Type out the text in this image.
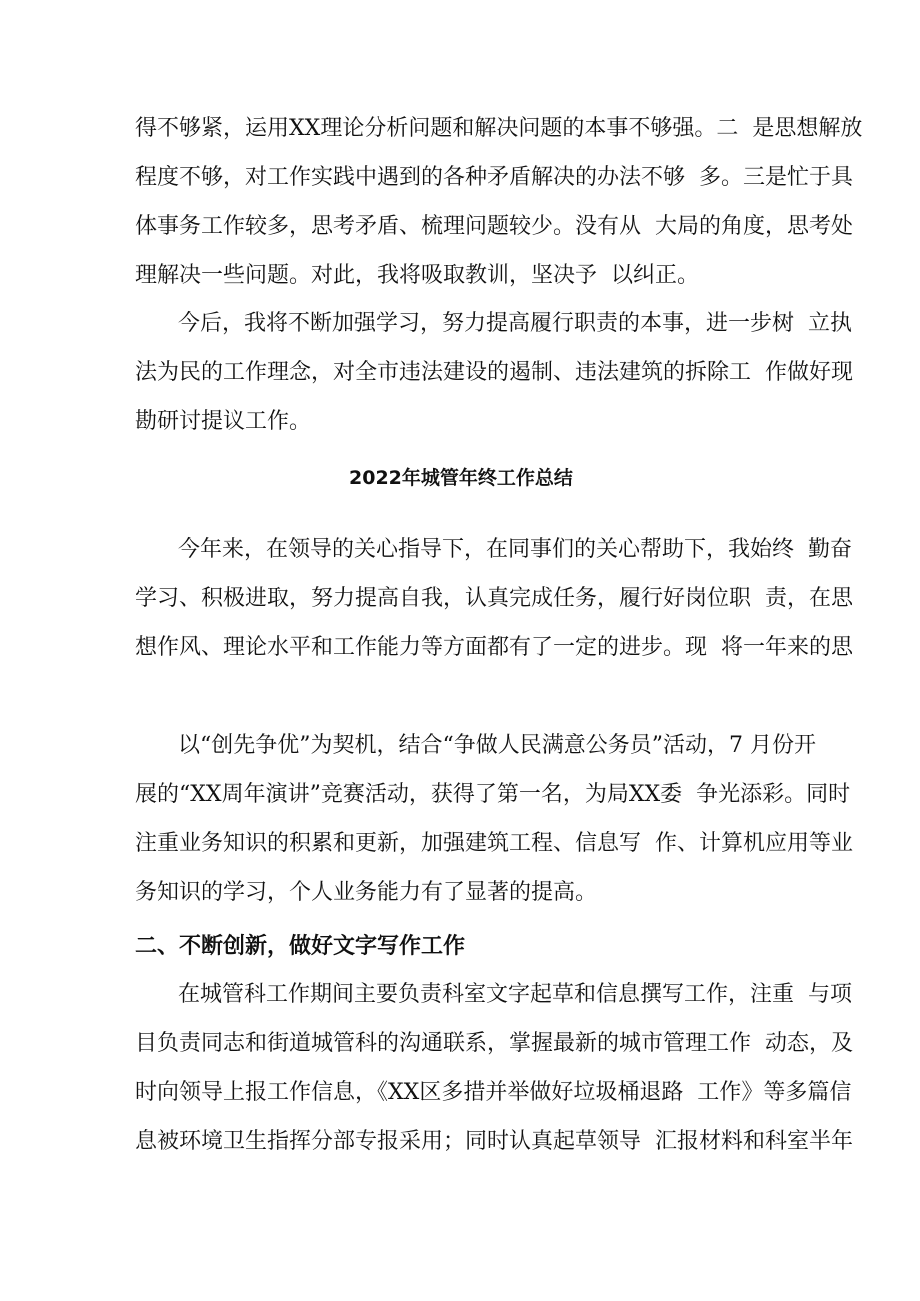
得不够紧，运用XX理论分析问题和解决问题的本事不够强。二  是思想解放
程度不够，对工作实践中遇到的各种矛盾解决的办法不够  多。三是忙于具
体事务工作较多，思考矛盾、梳理问题较少。没有从  大局的角度，思考处
理解决一些问题。对此，我将吸取教训，坚决予  以纠正。
今后，我将不断加强学习，努力提高履行职责的本事，进一步树  立执
法为民的工作理念，对全市违法建设的遏制、违法建筑的拆除工  作做好现
勘研讨提议工作。
2022年城管年终工作总结
今年来，在领导的关心指导下，在同事们的关心帮助下，我始终  勤奋
学习、积极进取，努力提高自我，认真完成任务，履行好岗位职  责，在思
想作风、理论水平和工作能力等方面都有了一定的进步。现  将一年来的思

以“创先争优”为契机，结合“争做人民满意公务员”活动，7 月份开
展的“XX周年演讲”竞赛活动，获得了第一名，为局XX委  争光添彩。同时
注重业务知识的积累和更新，加强建筑工程、信息写  作、计算机应用等业
务知识的学习，个人业务能力有了显著的提高。
二、不断创新，做好文字写作工作
在城管科工作期间主要负责科室文字起草和信息撰写工作，注重  与项
目负责同志和街道城管科的沟通联系，掌握最新的城市管理工作  动态，及
时向领导上报工作信息，《XX区多措并举做好垃圾桶退路  工作》等多篇信
息被环境卫生指挥分部专报采用；同时认真起草领导  汇报材料和科室半年
